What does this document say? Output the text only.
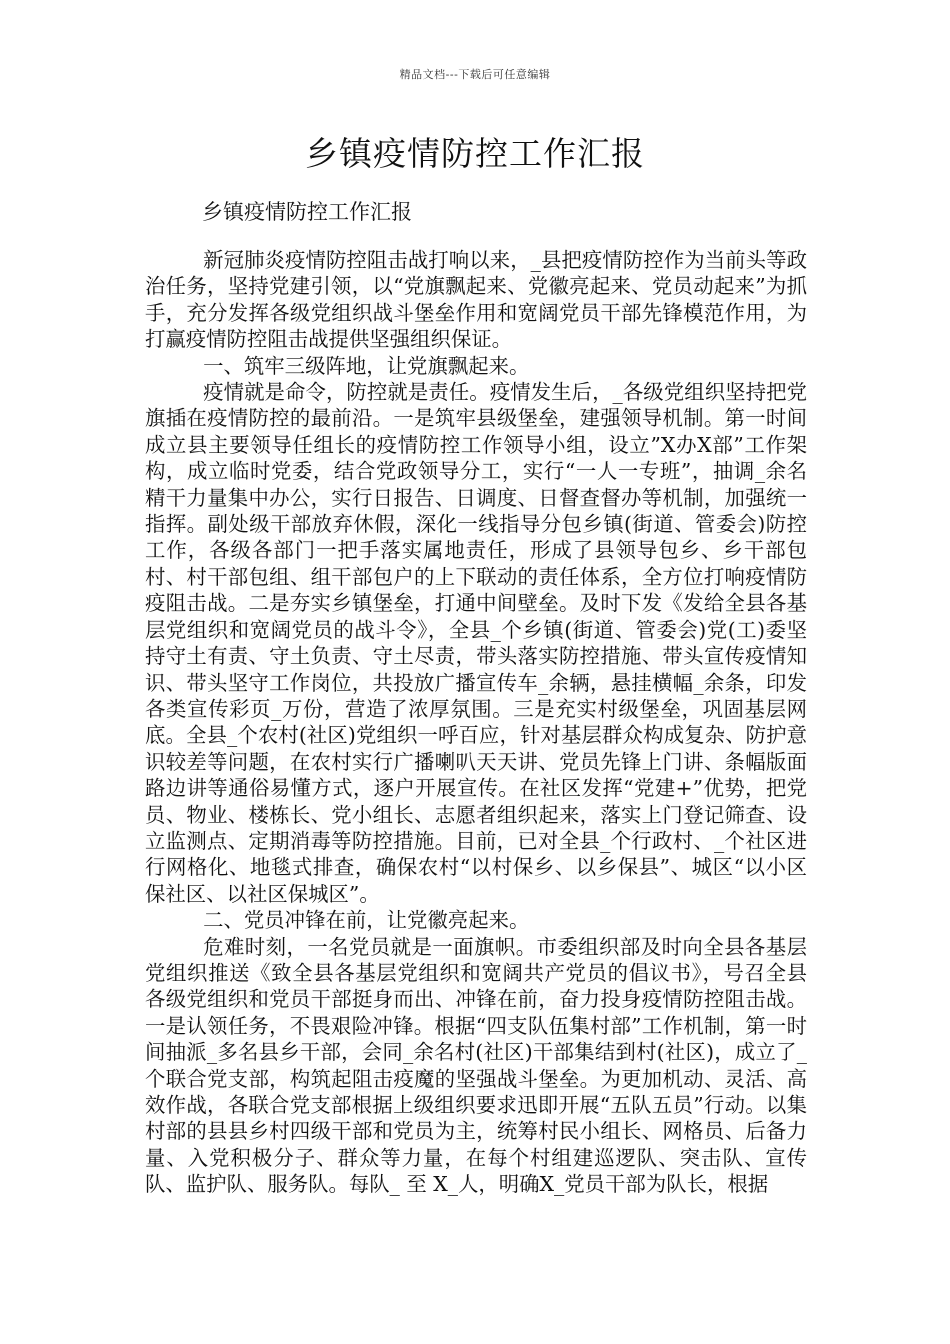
精品文档---下载后可任意编辑
乡镇疫情防控工作汇报
乡镇疫情防控工作汇报

新冠肺炎疫情防控阻击战打响以来，_县把疫情防控作为当前头等政治任务，坚持党建引领，以“党旗飘起来、党徽亮起来、党员动起来”为抓手，充分发挥各级党组织战斗堡垒作用和宽阔党员干部先锋模范作用，为打赢疫情防控阻击战提供坚强组织保证。

一、筑牢三级阵地，让党旗飘起来。

疫情就是命令，防控就是责任。疫情发生后，_各级党组织坚持把党旗插在疫情防控的最前沿。一是筑牢县级堡垒，建强领导机制。第一时间成立县主要领导任组长的疫情防控工作领导小组，设立”X办X部”工作架构，成立临时党委，结合党政领导分工，实行“一人一专班”，抽调_余名精干力量集中办公，实行日报告、日调度、日督查督办等机制，加强统一指挥。副处级干部放弃休假，深化一线指导分包乡镇(街道、管委会)防控工作，各级各部门一把手落实属地责任，形成了县领导包乡、乡干部包村、村干部包组、组干部包户的上下联动的责任体系，全方位打响疫情防疫阻击战。二是夯实乡镇堡垒，打通中间壁垒。及时下发《发给全县各基层党组织和宽阔党员的战斗令》，全县_个乡镇(街道、管委会)党(工)委坚持守土有责、守土负责、守土尽责，带头落实防控措施、带头宣传疫情知识、带头坚守工作岗位，共投放广播宣传车_余辆，悬挂横幅_余条，印发各类宣传彩页_万份，营造了浓厚氛围。三是充实村级堡垒，巩固基层网底。全县_个农村(社区)党组织一呼百应，针对基层群众构成复杂、防护意识较差等问题，在农村实行广播喇叭天天讲、党员先锋上门讲、条幅版面路边讲等通俗易懂方式，逐户开展宣传。在社区发挥“党建+”优势，把党员、物业、楼栋长、党小组长、志愿者组织起来，落实上门登记筛查、设立监测点、定期消毒等防控措施。目前，已对全县_个行政村、_个社区进行网格化、地毯式排查，确保农村“以村保乡、以乡保县”、城区“以小区保社区、以社区保城区”。

二、党员冲锋在前，让党徽亮起来。

危难时刻，一名党员就是一面旗帜。市委组织部及时向全县各基层党组织推送《致全县各基层党组织和宽阔共产党员的倡议书》，号召全县各级党组织和党员干部挺身而出、冲锋在前，奋力投身疫情防控阻击战。一是认领任务，不畏艰险冲锋。根据“四支队伍集村部”工作机制，第一时间抽派_多名县乡干部，会同_余名村(社区)干部集结到村(社区)，成立了_个联合党支部，构筑起阻击疫魔的坚强战斗堡垒。为更加机动、灵活、高效作战，各联合党支部根据上级组织要求迅即开展“五队五员”行动。以集村部的县县乡村四级干部和党员为主，统筹村民小组长、网格员、后备力量、入党积极分子、群众等力量，在每个村组建巡逻队、突击队、宣传队、监护队、服务队。每队_ 至 X_人，明确X_党员干部为队长，根据
